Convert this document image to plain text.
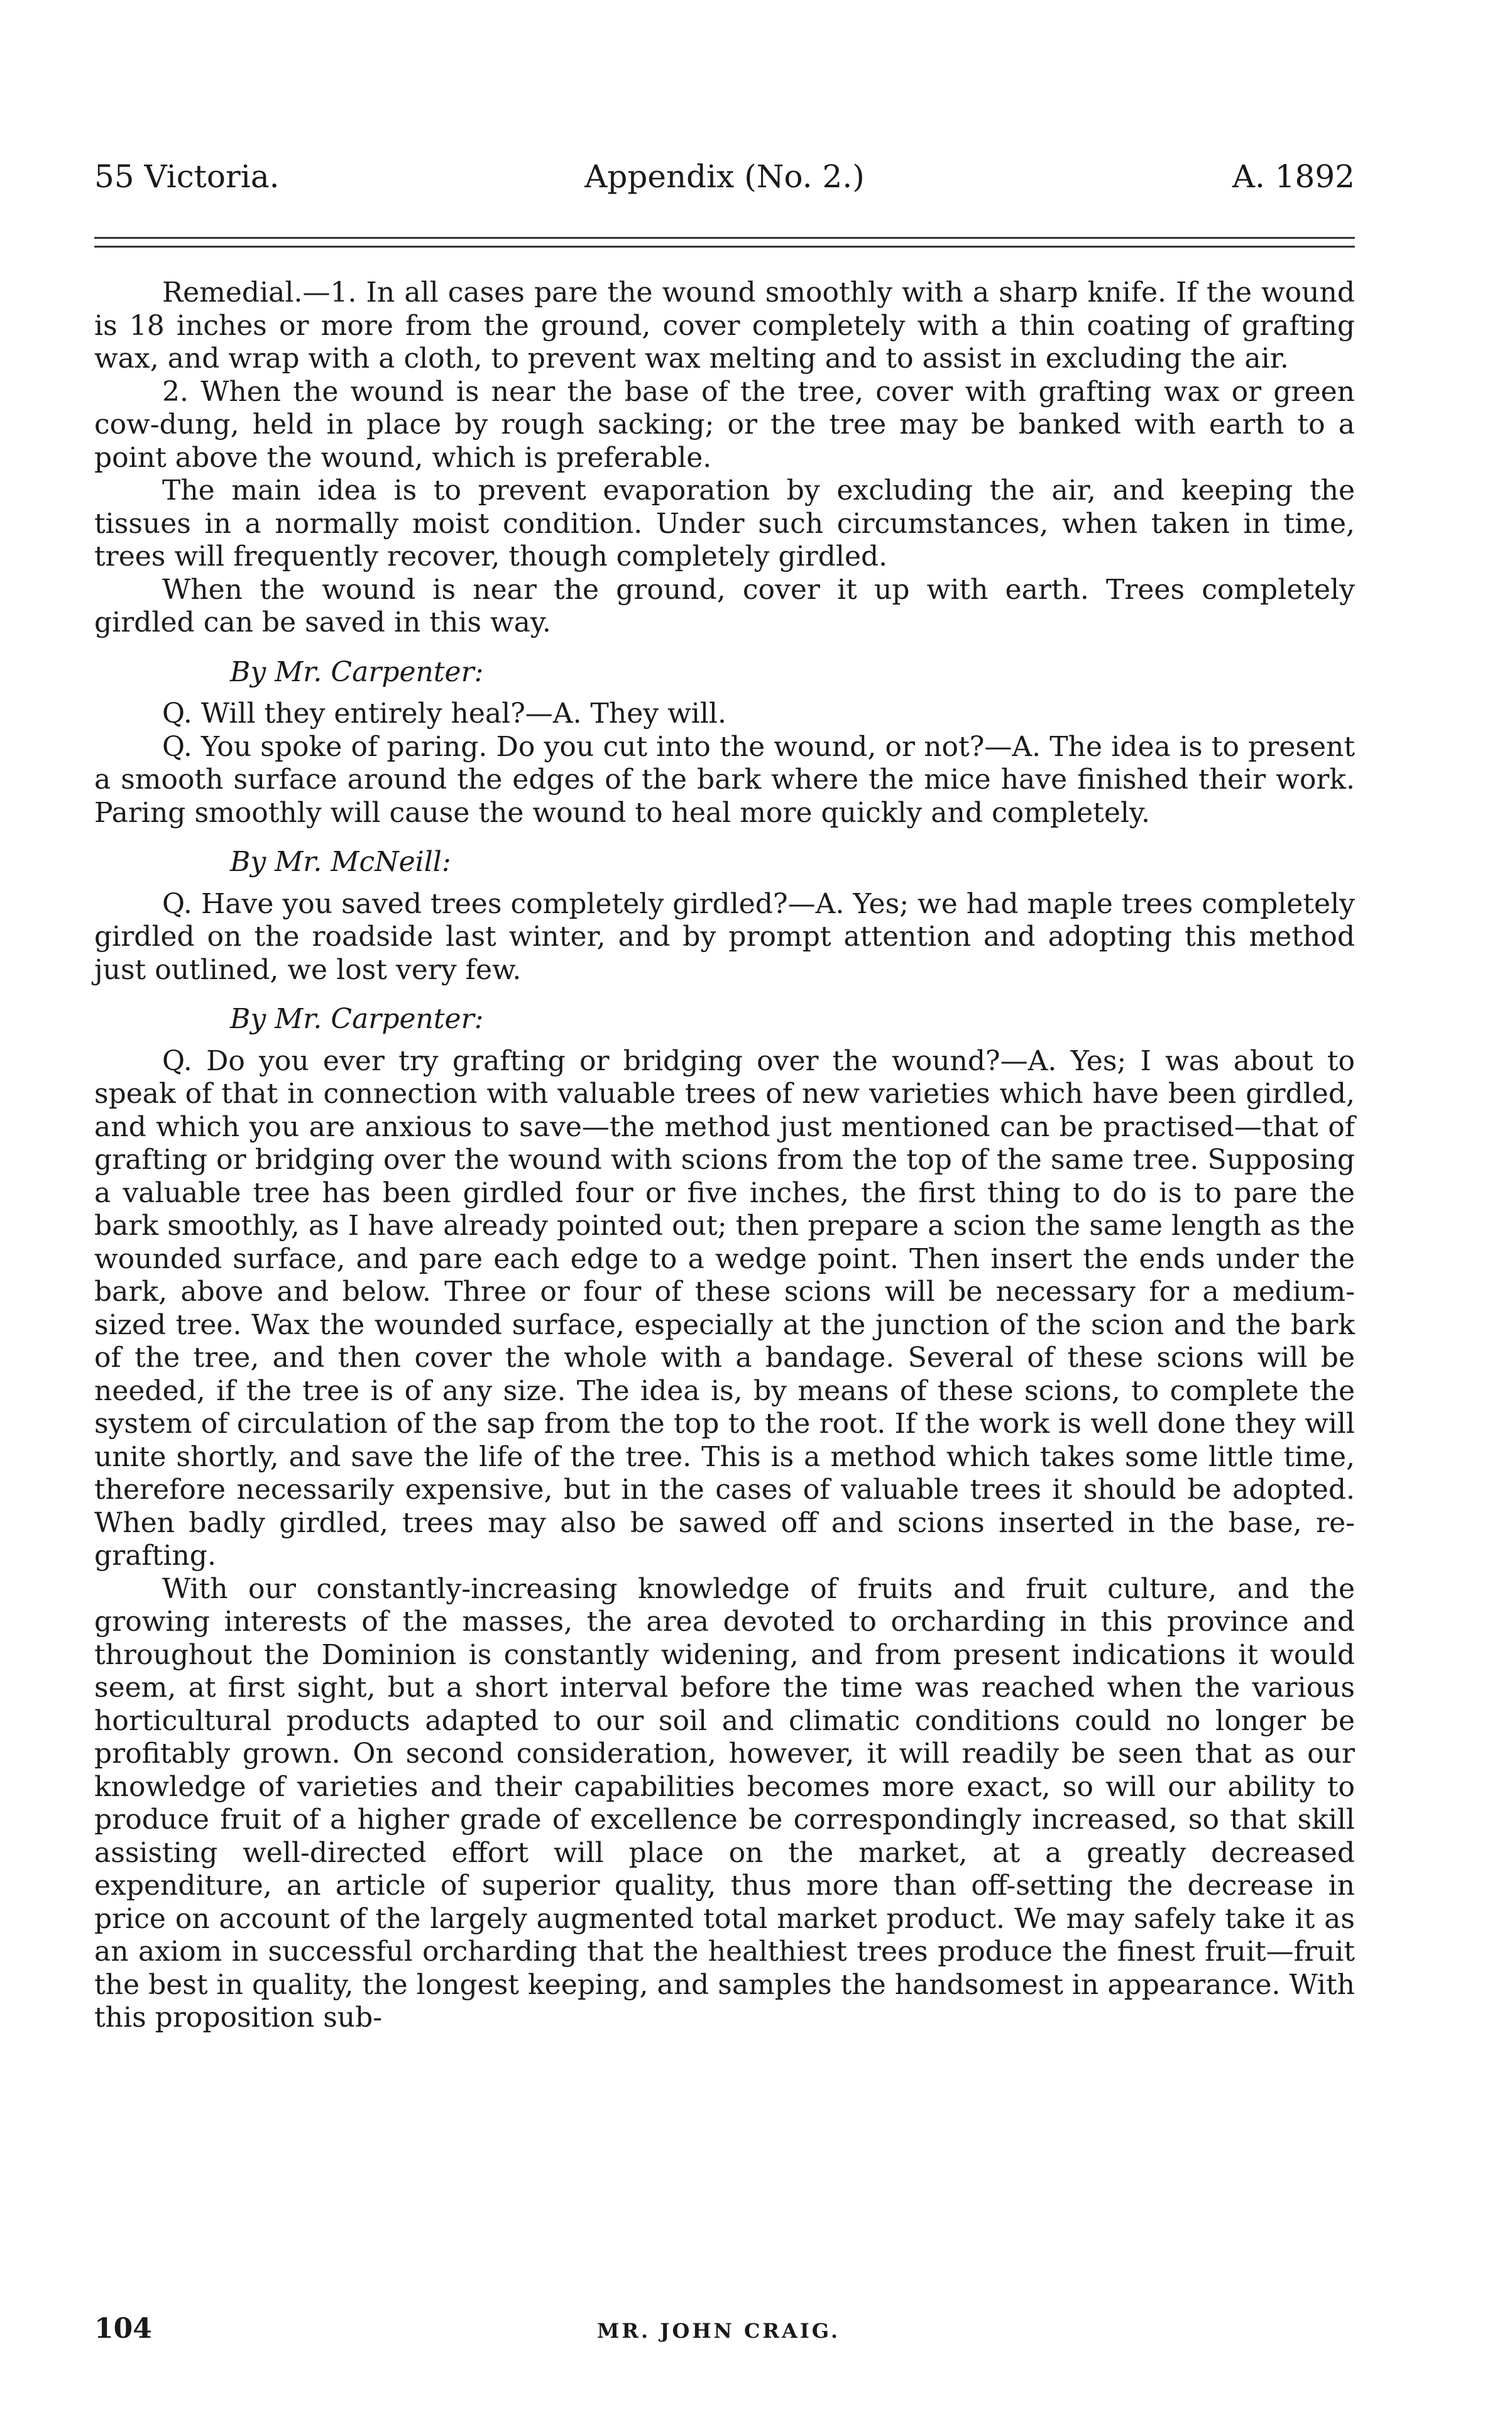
55 Victoria.	Appendix (No. 2.)	A. 1892

Remedial.—1. In all cases pare the wound smoothly with a sharp knife. If the wound is 18 inches or more from the ground, cover completely with a thin coating of grafting wax, and wrap with a cloth, to prevent wax melting and to assist in excluding the air.

2. When the wound is near the base of the tree, cover with grafting wax or green cow-dung, held in place by rough sacking; or the tree may be banked with earth to a point above the wound, which is preferable.

The main idea is to prevent evaporation by excluding the air, and keeping the tissues in a normally moist condition. Under such circumstances, when taken in time, trees will frequently recover, though completely girdled.

When the wound is near the ground, cover it up with earth. Trees completely girdled can be saved in this way.

By Mr. Carpenter:

Q. Will they entirely heal?—A. They will.

Q. You spoke of paring. Do you cut into the wound, or not?—A. The idea is to present a smooth surface around the edges of the bark where the mice have finished their work. Paring smoothly will cause the wound to heal more quickly and completely.

By Mr. McNeill:

Q. Have you saved trees completely girdled?—A. Yes; we had maple trees completely girdled on the roadside last winter, and by prompt attention and adopting this method just outlined, we lost very few.

By Mr. Carpenter:

Q. Do you ever try grafting or bridging over the wound?—A. Yes; I was about to speak of that in connection with valuable trees of new varieties which have been girdled, and which you are anxious to save—the method just mentioned can be practised—that of grafting or bridging over the wound with scions from the top of the same tree. Supposing a valuable tree has been girdled four or five inches, the first thing to do is to pare the bark smoothly, as I have already pointed out; then prepare a scion the same length as the wounded surface, and pare each edge to a wedge point. Then insert the ends under the bark, above and below. Three or four of these scions will be necessary for a medium-sized tree. Wax the wounded surface, especially at the junction of the scion and the bark of the tree, and then cover the whole with a bandage. Several of these scions will be needed, if the tree is of any size. The idea is, by means of these scions, to complete the system of circulation of the sap from the top to the root. If the work is well done they will unite shortly, and save the life of the tree. This is a method which takes some little time, therefore necessarily expensive, but in the cases of valuable trees it should be adopted. When badly girdled, trees may also be sawed off and scions inserted in the base, re-grafting.

With our constantly-increasing knowledge of fruits and fruit culture, and the growing interests of the masses, the area devoted to orcharding in this province and throughout the Dominion is constantly widening, and from present indications it would seem, at first sight, but a short interval before the time was reached when the various horticultural products adapted to our soil and climatic conditions could no longer be profitably grown. On second consideration, however, it will readily be seen that as our knowledge of varieties and their capabilities becomes more exact, so will our ability to produce fruit of a higher grade of excellence be correspondingly increased, so that skill assisting well-directed effort will place on the market, at a greatly decreased expenditure, an article of superior quality, thus more than off-setting the decrease in price on account of the largely augmented total market product. We may safely take it as an axiom in successful orcharding that the healthiest trees produce the finest fruit—fruit the best in quality, the longest keeping, and samples the handsomest in appearance. With this proposition sub-

104	MR. JOHN CRAIG.
